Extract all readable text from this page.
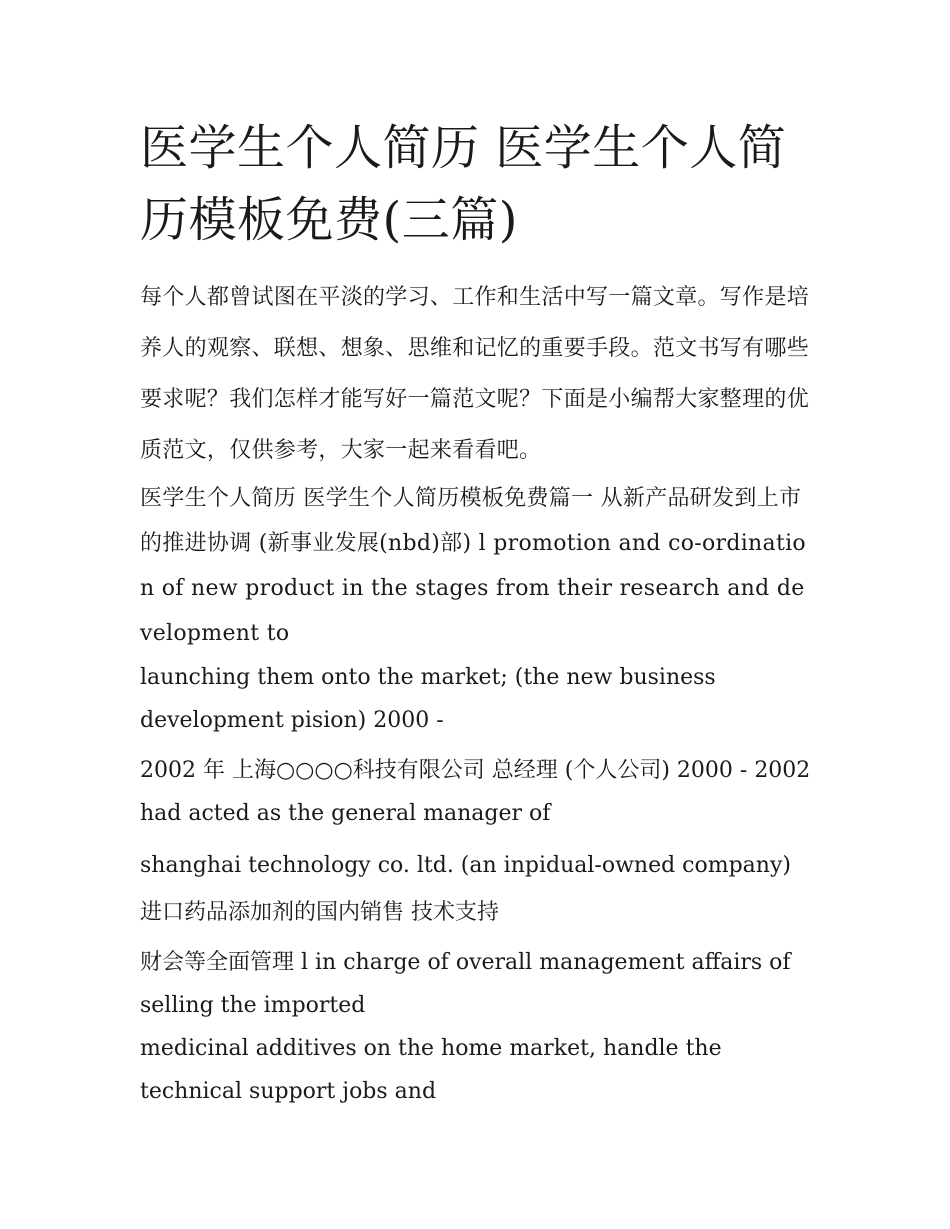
医学生个人简历 医学生个人简历模板免费(三篇)

每个人都曾试图在平淡的学习、工作和生活中写一篇文章。写作是培养人的观察、联想、想象、思维和记忆的重要手段。范文书写有哪些要求呢？我们怎样才能写好一篇范文呢？下面是小编帮大家整理的优质范文，仅供参考，大家一起来看看吧。

医学生个人简历 医学生个人简历模板免费篇一 从新产品研发到上市的推进协调 (新事业发展(nbd)部) l promotion and co-ordination of new product in the stages from their research and development to

launching them onto the market; (the new business development pision) 2000 -

2002 年 上海○○○○科技有限公司 总经理 (个人公司) 2000 - 2002 had acted as the general manager of

shanghai technology co. ltd. (an inpidual-owned company) 进口药品添加剂的国内销售 技术支持

财会等全面管理 l in charge of overall management affairs of selling the imported

medicinal additives on the home market, handle the technical support jobs and
